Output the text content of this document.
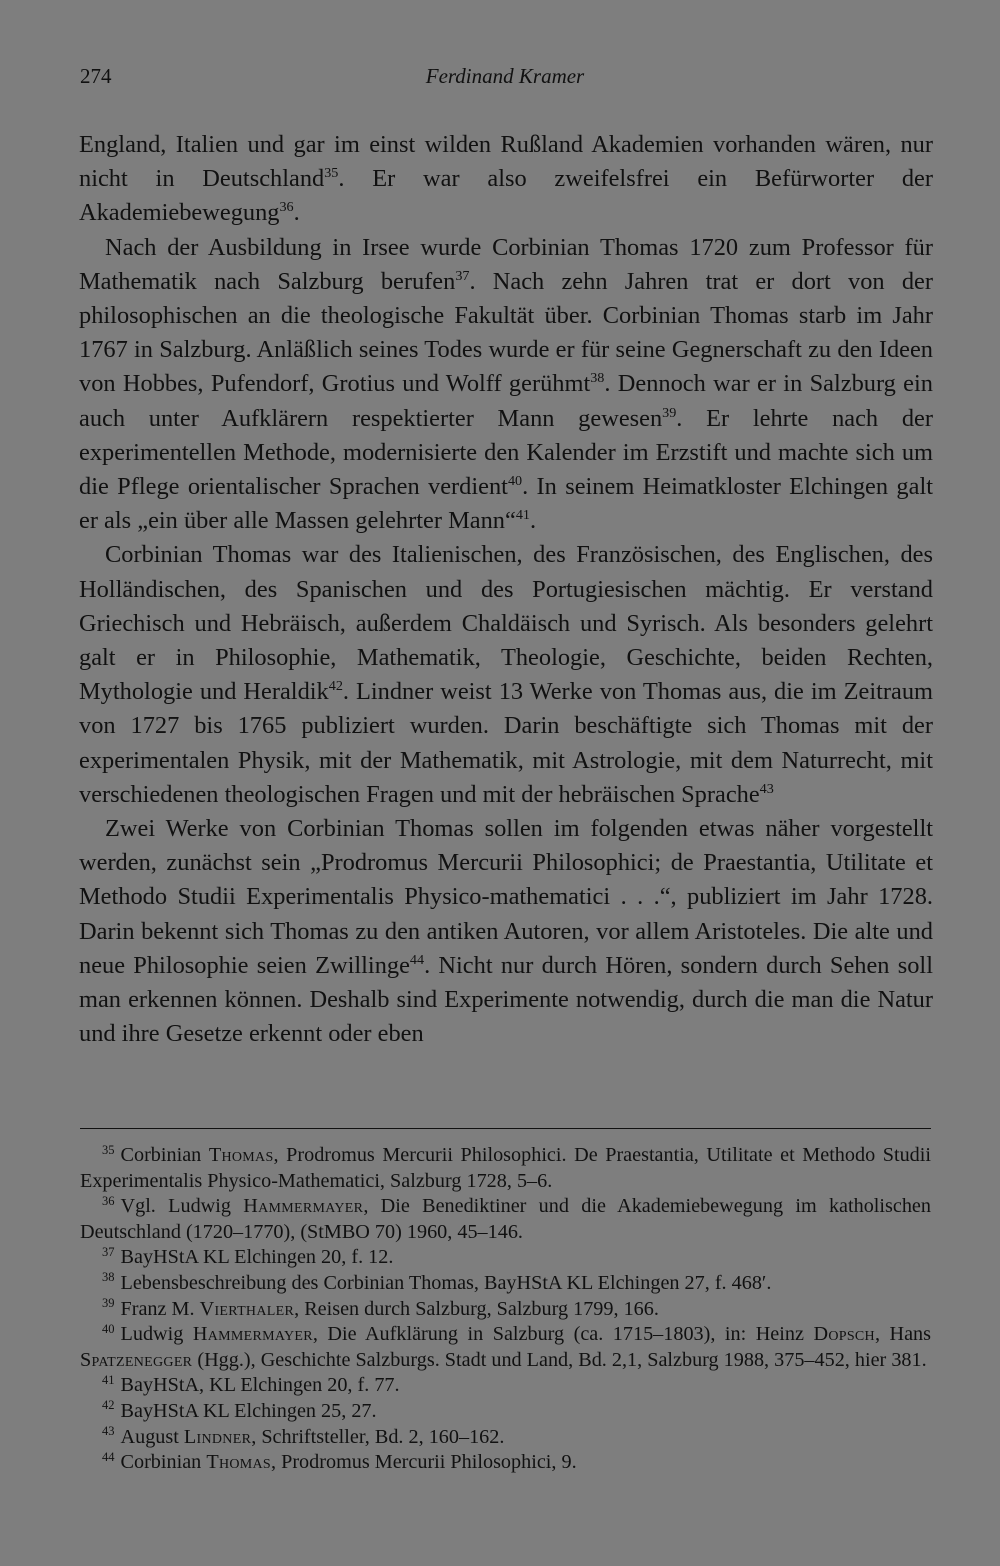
274	Ferdinand Kramer

England, Italien und gar im einst wilden Rußland Akademien vorhanden wären, nur nicht in Deutschland$^{35}$. Er war also zweifelsfrei ein Befürworter der Akademiebewegung$^{36}$.

Nach der Ausbildung in Irsee wurde Corbinian Thomas 1720 zum Professor für Mathematik nach Salzburg berufen$^{37}$. Nach zehn Jahren trat er dort von der philosophischen an die theologische Fakultät über. Corbinian Thomas starb im Jahr 1767 in Salzburg. Anläßlich seines Todes wurde er für seine Gegnerschaft zu den Ideen von Hobbes, Pufendorf, Grotius und Wolff gerühmt$^{38}$. Dennoch war er in Salzburg ein auch unter Aufklärern respektierter Mann gewesen$^{39}$. Er lehrte nach der experimentellen Methode, modernisierte den Kalender im Erzstift und machte sich um die Pflege orientalischer Sprachen verdient$^{40}$. In seinem Heimatkloster Elchingen galt er als „ein über alle Massen gelehrter Mann“$^{41}$.

Corbinian Thomas war des Italienischen, des Französischen, des Englischen, des Holländischen, des Spanischen und des Portugiesischen mächtig. Er verstand Griechisch und Hebräisch, außerdem Chaldäisch und Syrisch. Als besonders gelehrt galt er in Philosophie, Mathematik, Theologie, Geschichte, beiden Rechten, Mythologie und Heraldik$^{42}$. Lindner weist 13 Werke von Thomas aus, die im Zeitraum von 1727 bis 1765 publiziert wurden. Darin beschäftigte sich Thomas mit der experimentalen Physik, mit der Mathematik, mit Astrologie, mit dem Naturrecht, mit verschiedenen theologischen Fragen und mit der hebräischen Sprache$^{43}$

Zwei Werke von Corbinian Thomas sollen im folgenden etwas näher vorgestellt werden, zunächst sein „Prodromus Mercurii Philosophici; de Praestantia, Utilitate et Methodo Studii Experimentalis Physico-mathematici . . .“, publiziert im Jahr 1728. Darin bekennt sich Thomas zu den antiken Autoren, vor allem Aristoteles. Die alte und neue Philosophie seien Zwillinge$^{44}$. Nicht nur durch Hören, sondern durch Sehen soll man erkennen können. Deshalb sind Experimente notwendig, durch die man die Natur und ihre Gesetze erkennt oder eben

$^{35}$ Corbinian Thomas, Prodromus Mercurii Philosophici. De Praestantia, Utilitate et Methodo Studii Experimentalis Physico-Mathematici, Salzburg 1728, 5–6.

$^{36}$ Vgl. Ludwig Hammermayer, Die Benediktiner und die Akademiebewegung im katholischen Deutschland (1720–1770), (StMBO 70) 1960, 45–146.

$^{37}$ BayHStA KL Elchingen 20, f. 12.

$^{38}$ Lebensbeschreibung des Corbinian Thomas, BayHStA KL Elchingen 27, f. 468′.

$^{39}$ Franz M. Vierthaler, Reisen durch Salzburg, Salzburg 1799, 166.

$^{40}$ Ludwig Hammermayer, Die Aufklärung in Salzburg (ca. 1715–1803), in: Heinz Dopsch, Hans Spatzenegger (Hgg.), Geschichte Salzburgs. Stadt und Land, Bd. 2,1, Salzburg 1988, 375–452, hier 381.

$^{41}$ BayHStA, KL Elchingen 20, f. 77.

$^{42}$ BayHStA KL Elchingen 25, 27.

$^{43}$ August Lindner, Schriftsteller, Bd. 2, 160–162.

$^{44}$ Corbinian Thomas, Prodromus Mercurii Philosophici, 9.
